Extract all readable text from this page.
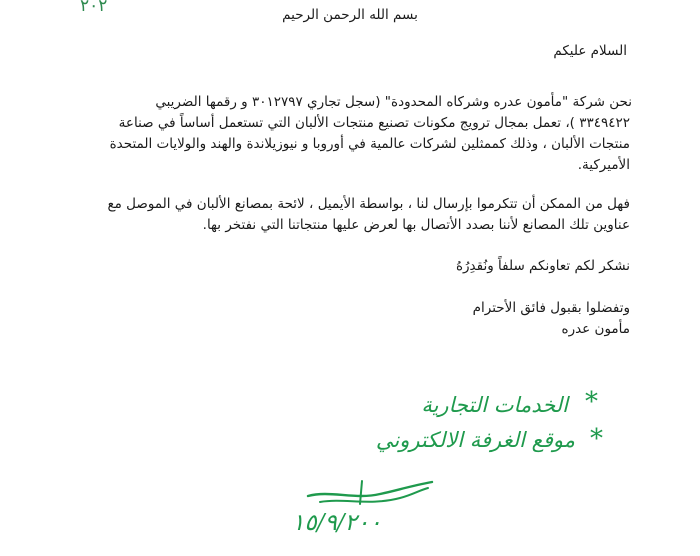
٢٠٢	بسم الله الرحمن الرحيم
السلام عليكم
نحن شركة "مأمون عدره وشركاه المحدودة" (سجل تجاري ٣٠١٢٧٩٧ و رقمها الضريبي
٣٣٤٩٤٢٢ )، تعمل بمجال ترويج مكونات تصنيع منتجات الألبان التي تستعمل أساساً في صناعة
منتجات الألبان ، وذلك كممثلين لشركات عالمية في أوروبا و نيوزيلاندة والهند والولايات المتحدة
الأميركية.
فهل من الممكن أن تتكرموا بإرسال لنا ، بواسطة الأيميل ، لائحة بمصانع الألبان في الموصل مع
عناوين تلك المصانع لأننا بصدد الأتصال بها لعرض عليها منتجاتنا التي نفتخر بها.
نشكر لكم تعاونكم سلفاً ونُقدِرُهُ
وتفضلوا بقبول فائق الأحترام
مأمون عدره
*
الخدمات التجارية
*
موقع الغرفة الالكتروني
١٥/٩/٢٠٠
